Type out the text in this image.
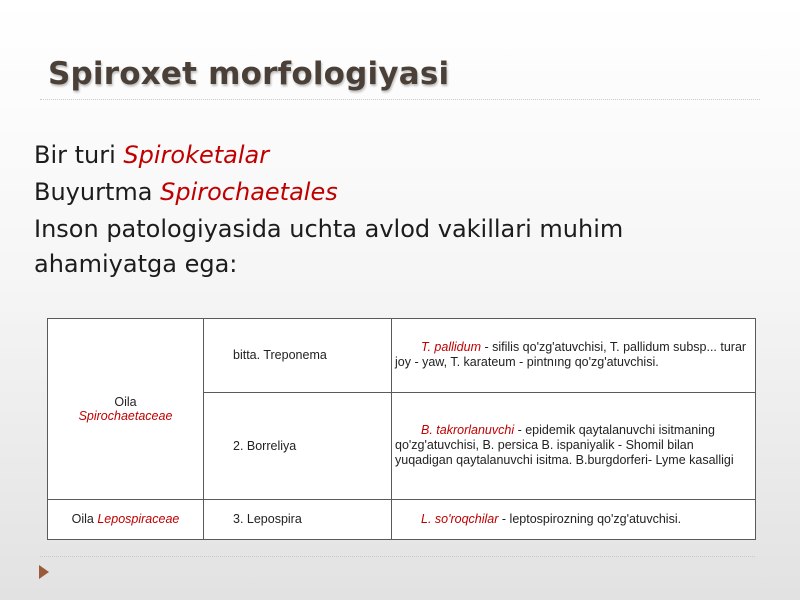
Spiroxet morfologiyasi

Bir turi Spiroketalar

Buyurtma Spirochaetales

Inson patologiyasida uchta avlod vakillari muhim ahamiyatga ega:

Oila
Spirochaetaceae	bitta. Treponema	T. pallidum - sifilis qo'zg'atuvchisi, T. pallidum subsp... turar joy - yaw, T. karateum - pintnıng qo'zg'atuvchisi.
	2. Borreliya	B. takrorlanuvchi - epidemik qaytalanuvchi isitmaning qo'zg'atuvchisi, B. persica B. ispaniyalik - Shomil bilan yuqadigan qaytalanuvchi isitma. B.burgdorferi- Lyme kasalligi
Oila Lepospiraceae	3. Lepospira	L. so'roqchilar - leptospirozning qo'zg'atuvchisi.
